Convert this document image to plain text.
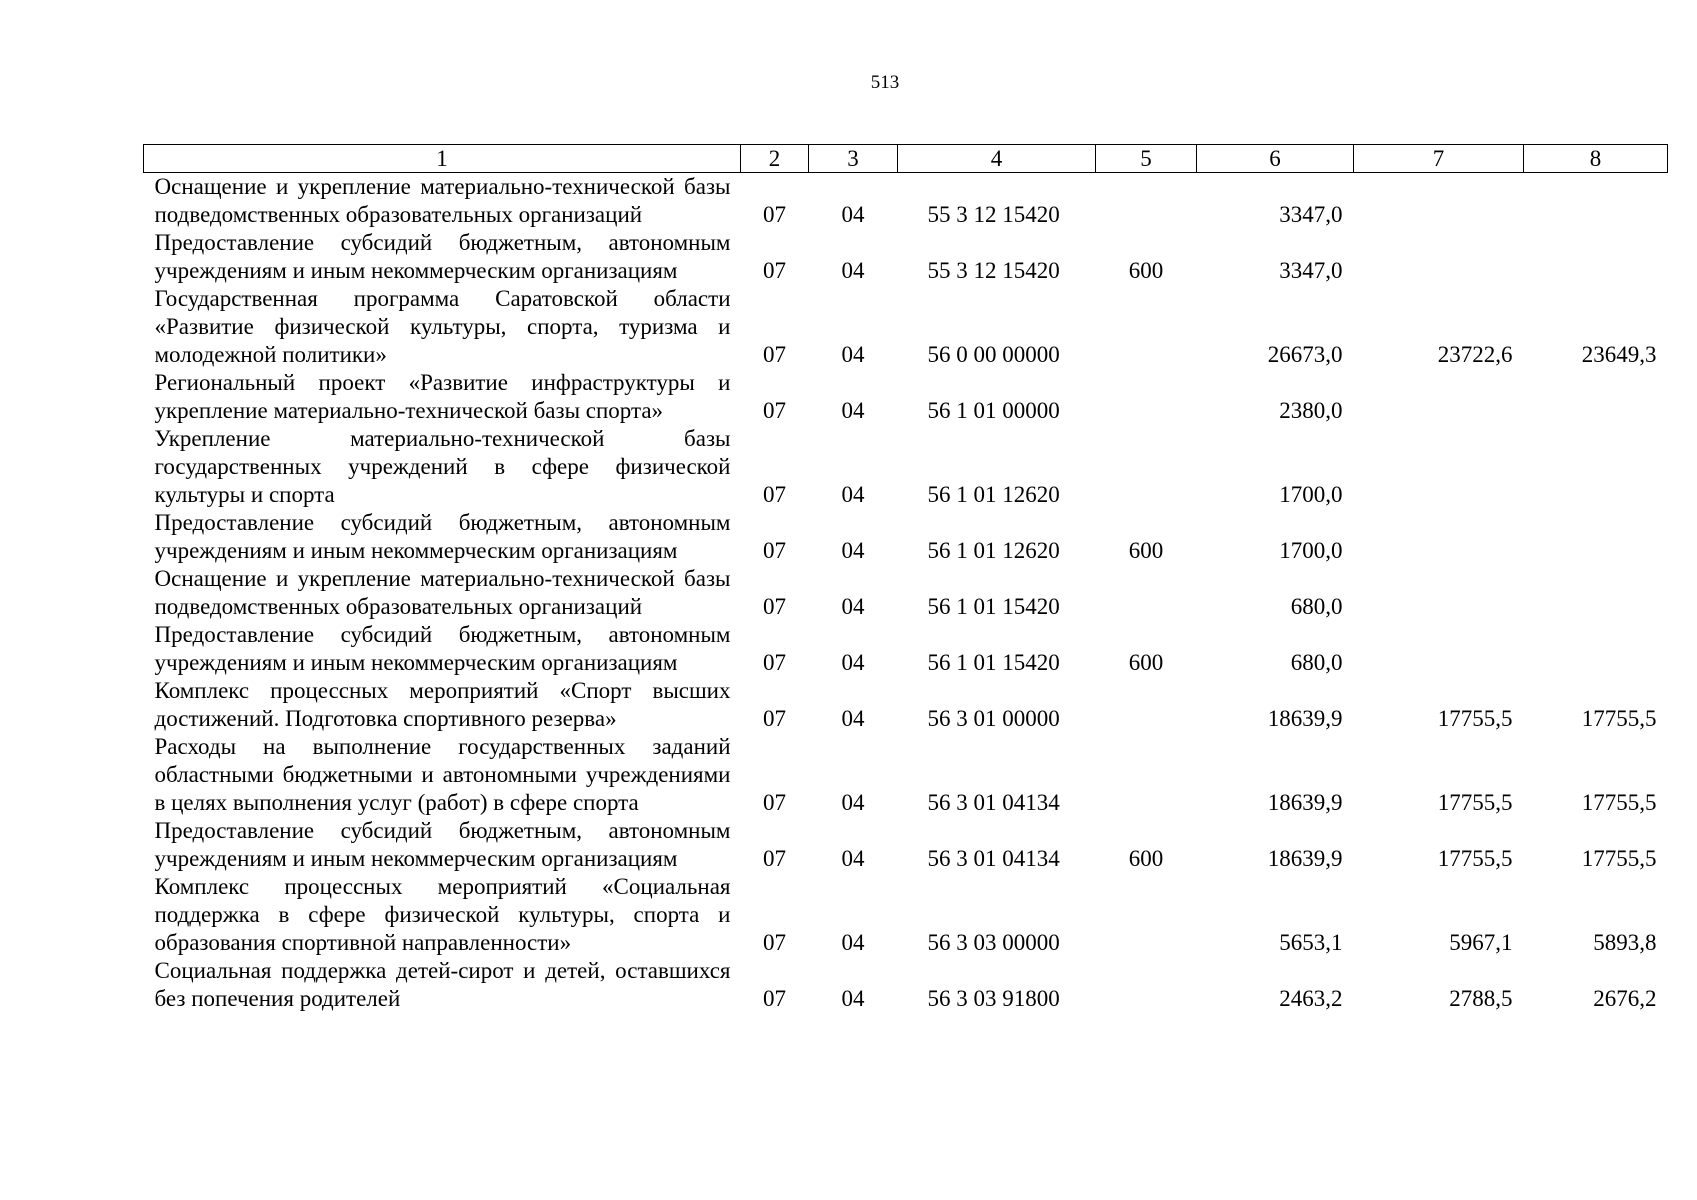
513
1	2	3	4	5	6	7	8
Оснащение и укрепление материально-технической базы подведомственных образовательных организаций	07	04	55 3 12 15420		3347,0		
Предоставление субсидий бюджетным, автономным учреждениям и иным некоммерческим организациям	07	04	55 3 12 15420	600	3347,0		
Государственная программа Саратовской области «Развитие физической культуры, спорта, туризма и молодежной политики»	07	04	56 0 00 00000		26673,0	23722,6	23649,3
Региональный проект «Развитие инфраструктуры и укрепление материально-технической базы спорта»	07	04	56 1 01 00000		2380,0		
Укрепление материально-технической базы государственных учреждений в сфере физической культуры и спорта	07	04	56 1 01 12620		1700,0		
Предоставление субсидий бюджетным, автономным учреждениям и иным некоммерческим организациям	07	04	56 1 01 12620	600	1700,0		
Оснащение и укрепление материально-технической базы подведомственных образовательных организаций	07	04	56 1 01 15420		680,0		
Предоставление субсидий бюджетным, автономным учреждениям и иным некоммерческим организациям	07	04	56 1 01 15420	600	680,0		
Комплекс процессных мероприятий «Спорт высших достижений. Подготовка спортивного резерва»	07	04	56 3 01 00000		18639,9	17755,5	17755,5
Расходы на выполнение государственных заданий областными бюджетными и автономными учреждениями в целях выполнения услуг (работ) в сфере спорта	07	04	56 3 01 04134		18639,9	17755,5	17755,5
Предоставление субсидий бюджетным, автономным учреждениям и иным некоммерческим организациям	07	04	56 3 01 04134	600	18639,9	17755,5	17755,5
Комплекс процессных мероприятий «Социальная поддержка в сфере физической культуры, спорта и образования спортивной направленности»	07	04	56 3 03 00000		5653,1	5967,1	5893,8
Социальная поддержка детей-сирот и детей, оставшихся без попечения родителей	07	04	56 3 03 91800		2463,2	2788,5	2676,2
